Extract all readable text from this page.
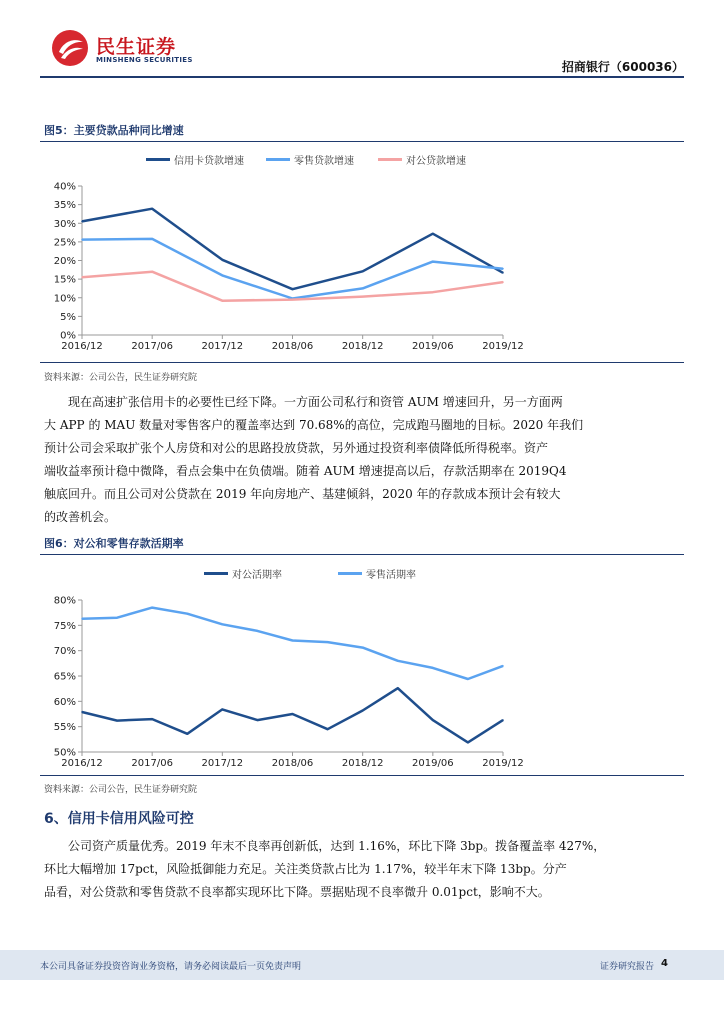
民生证券
MINSHENG SECURITIES	招商银行（600036）
图5：主要贷款品种同比增速
信用卡贷款增速	零售贷款增速	对公贷款增速
0%
5%
10%
15%
20%
25%
30%
35%
40%
2016/12	2017/06	2017/12	2018/06	2018/12	2019/06	2019/12
资料来源：公司公告，民生证券研究院
现在高速扩张信用卡的必要性已经下降。一方面公司私行和资管 AUM 增速回升，另一方面两
大 APP 的 MAU 数量对零售客户的覆盖率达到 70.68%的高位，完成跑马圈地的目标。2020 年我们
预计公司会采取扩张个人房贷和对公的思路投放贷款，另外通过投资利率债降低所得税率。资产
端收益率预计稳中微降，看点会集中在负债端。随着 AUM 增速提高以后，存款活期率在 2019Q4
触底回升。而且公司对公贷款在 2019 年向房地产、基建倾斜，2020 年的存款成本预计会有较大
的改善机会。
图6：对公和零售存款活期率
对公活期率	零售活期率
50%
55%
60%
65%
70%
75%
80%
2016/12	2017/06	2017/12	2018/06	2018/12	2019/06	2019/12
资料来源：公司公告，民生证券研究院
6、信用卡信用风险可控
公司资产质量优秀。2019 年末不良率再创新低，达到 1.16%，环比下降 3bp。拨备覆盖率 427%，
环比大幅增加 17pct，风险抵御能力充足。关注类贷款占比为 1.17%，较半年末下降 13bp。分产
品看，对公贷款和零售贷款不良率都实现环比下降。票据贴现不良率微升 0.01pct，影响不大。
本公司具备证券投资咨询业务资格，请务必阅读最后一页免责声明	证券研究报告 4
